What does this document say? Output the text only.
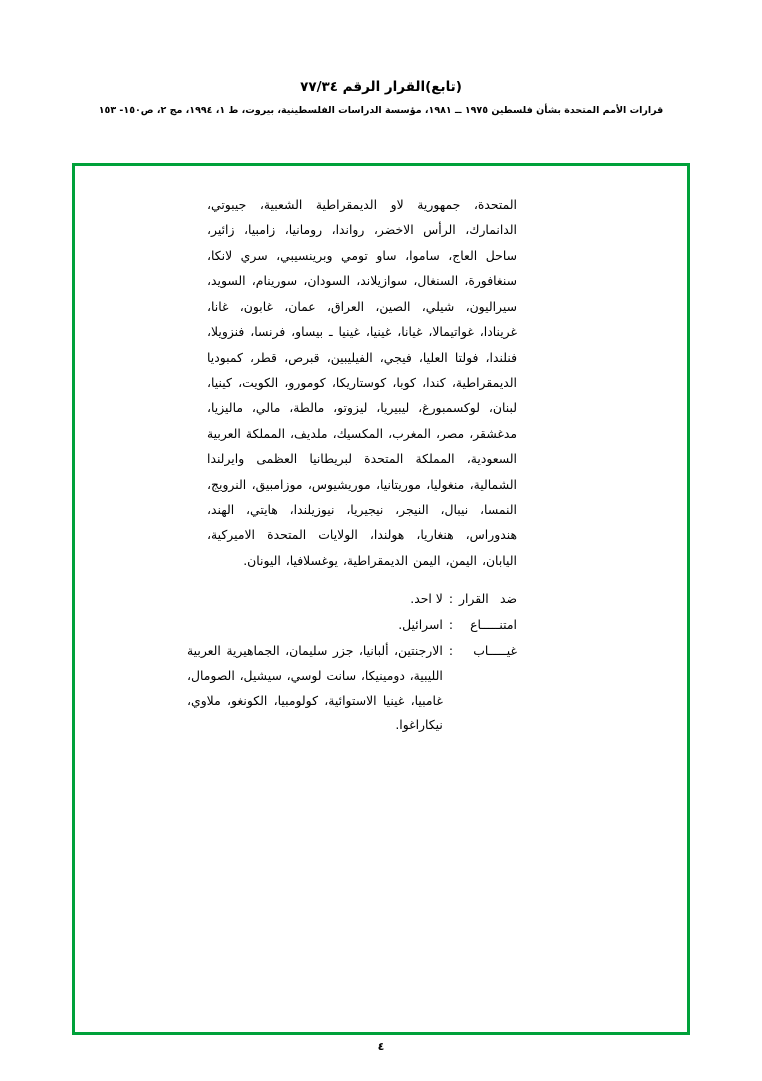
(تابع)القرار الرقم ٧٧/٣٤
قرارات الأمم المتحدة بشأن فلسطين ١٩٧٥ ــ ١٩٨١، مؤسسة الدراسات الفلسطينية، بيروت، ط ١، ١٩٩٤، مج ٢، ص١٥٠- ١٥٣
المتحدة، جمهورية لاو الديمقراطية الشعبية، جيبوتي، الدانمارك، الرأس الاخضر، رواندا، رومانيا، زامبيا، زائير، ساحل العاج، ساموا، ساو تومي وبرينسيبي، سري لانكا، سنغافورة، السنغال، سوازيلاند، السودان، سورينام، السويد، سيراليون، شيلي، الصين، العراق، عمان، غابون، غانا، غرينادا، غواتيمالا، غيانا، غينيا، غينيا ـ بيساو، فرنسا، فنزويلا، فنلندا، فولتا العليا، فيجي، الفيليبين، قبرص، قطر، كمبوديا الديمقراطية، كندا، كوبا، كوستاريكا، كومورو، الكويت، كينيا، لبنان، لوكسمبورغ، ليبيريا، ليزوتو، مالطة، مالي، ماليزيا، مدغشقر، مصر، المغرب، المكسيك، ملديف، المملكة العربية السعودية، المملكة المتحدة لبريطانيا العظمى وايرلندا الشمالية، منغوليا، موريتانيا، موريشيوس، موزامبيق، النرويج، النمسا، نيبال، النيجر، نيجيريا، نيوزيلندا، هايتي، الهند، هندوراس، هنغاريا، هولندا، الولايات المتحدة الاميركية، اليابان، اليمن، اليمن الديمقراطية، يوغسلافيا، اليونان.
ضد القرار
:
لا احد.
امتنـــــاع
:
اسرائيل.
غيـــــاب
:
الارجنتين، ألبانيا، جزر سليمان، الجماهيرية العربية الليبية، دومينيكا، سانت لوسي، سيشيل، الصومال، غامبيا، غينيا الاستوائية، كولومبيا، الكونغو، ملاوي، نيكاراغوا.
٤
